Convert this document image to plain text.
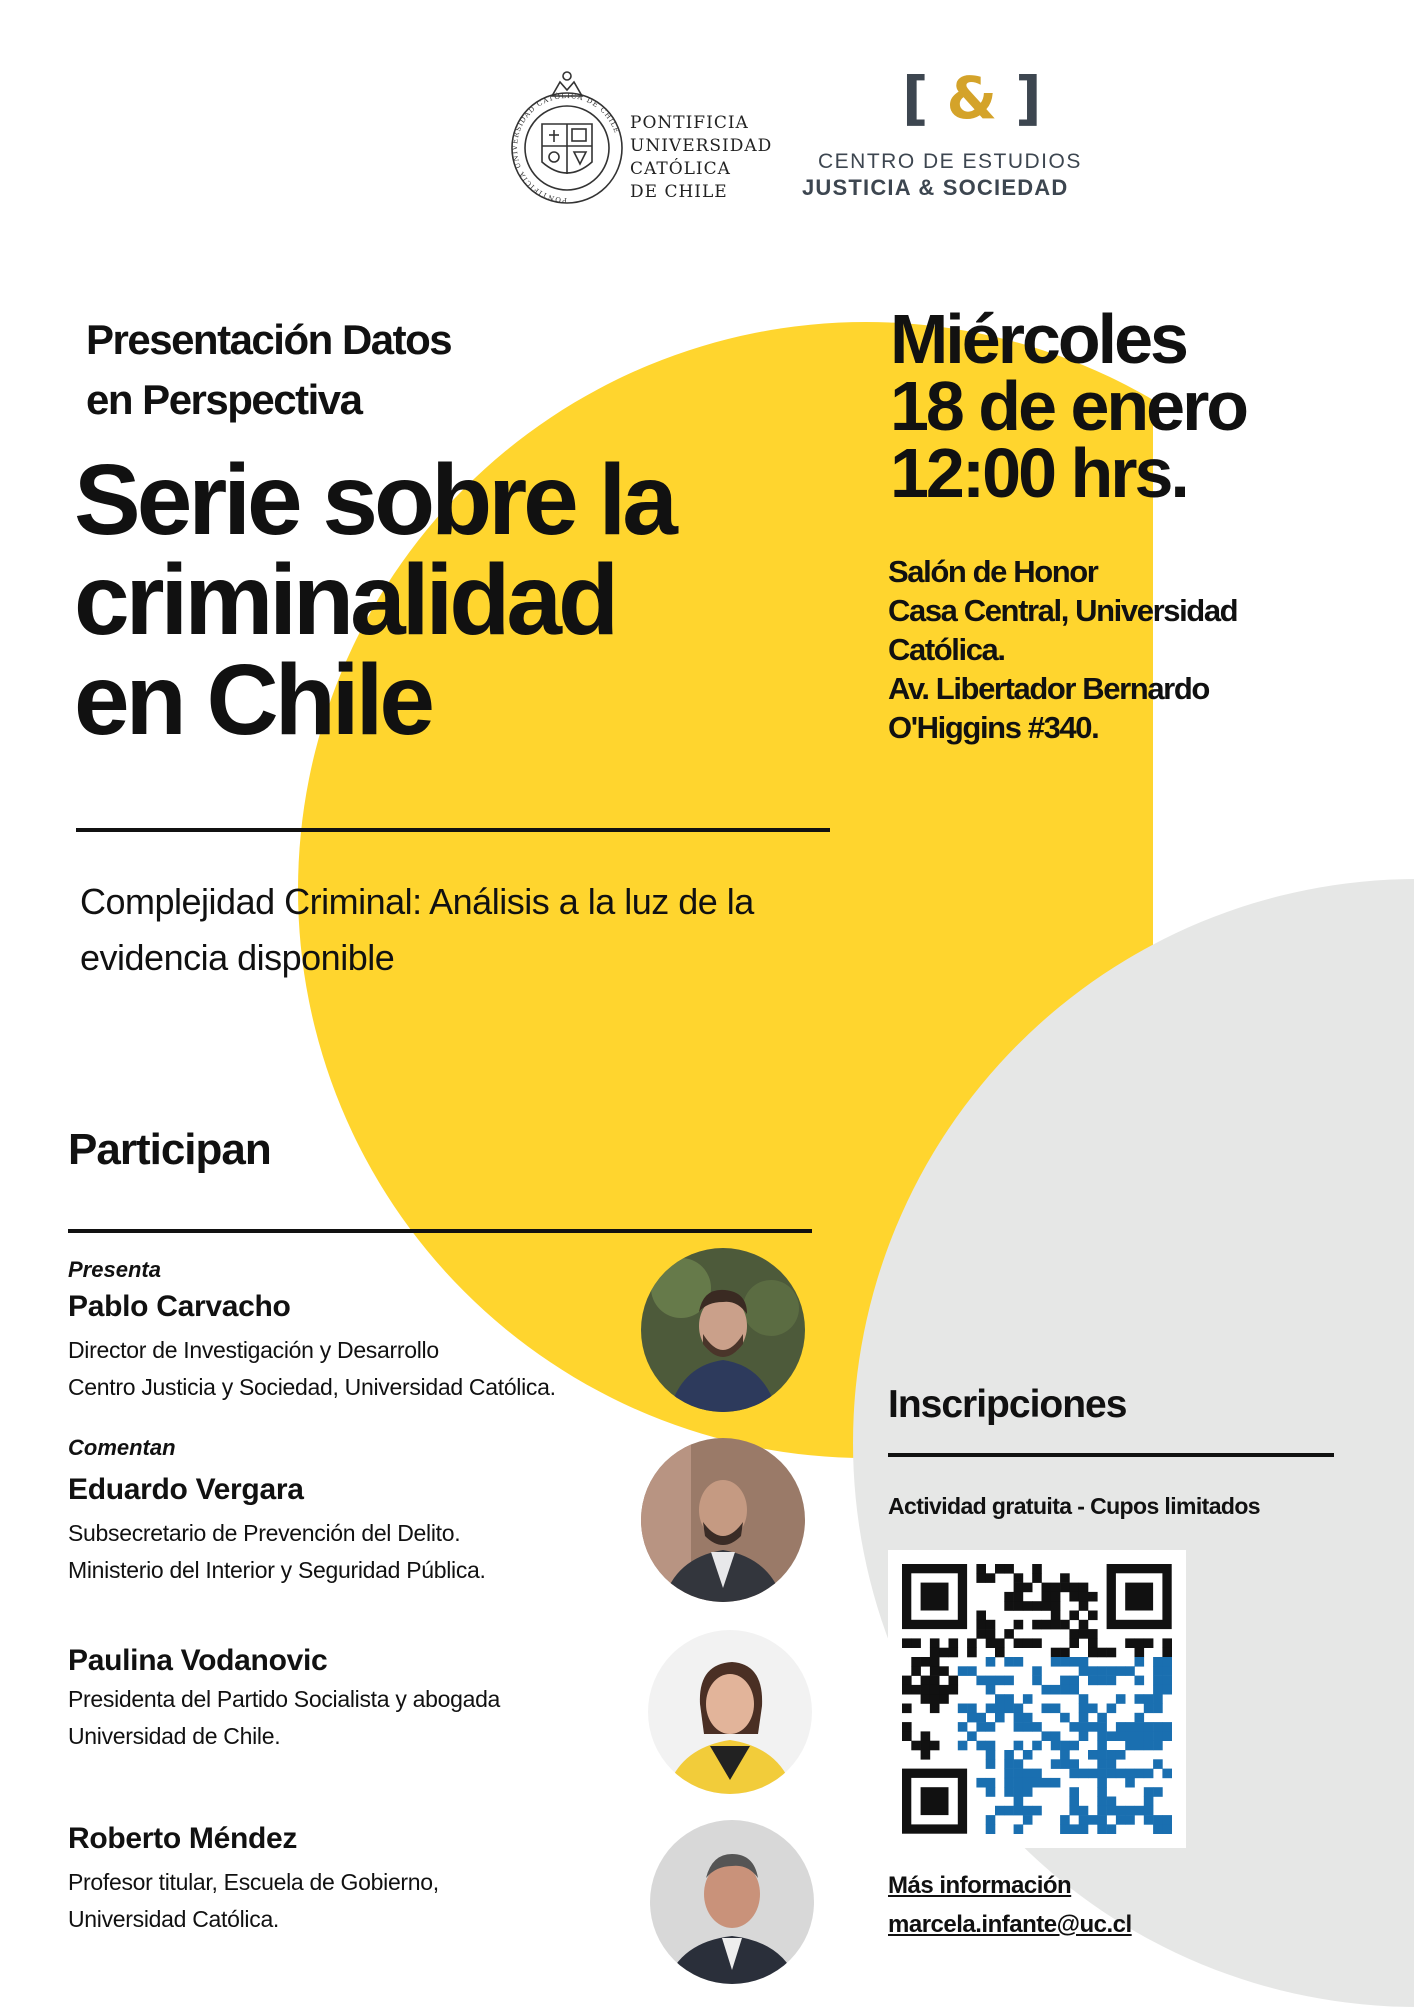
PONTIFICIA UNIVERSIDAD CATÓLICA DE CHILE PONTIFICIA
UNIVERSIDAD
CATÓLICA
DE CHILE
[ & ]
CENTRO DE ESTUDIOS
JUSTICIA & SOCIEDAD
Presentación Datos
en Perspectiva
Serie sobre la
criminalidad
en Chile
Complejidad Criminal: Análisis a la luz de la evidencia disponible
Participan
Presenta
Pablo Carvacho
Director de Investigación y Desarrollo
Centro Justicia y Sociedad, Universidad Católica.
Comentan
Eduardo Vergara
Subsecretario de Prevención del Delito.
Ministerio del Interior y Seguridad Pública.
Paulina Vodanovic
Presidenta del Partido Socialista y abogada
Universidad de Chile.
Roberto Méndez
Profesor titular, Escuela de Gobierno,
Universidad Católica.
Miércoles
18 de enero
12:00 hrs.
Salón de Honor
Casa Central, Universidad
Católica.
Av. Libertador Bernardo
O'Higgins #340.
Inscripciones
Actividad gratuita - Cupos limitados
Más información
marcela.infante@uc.cl
